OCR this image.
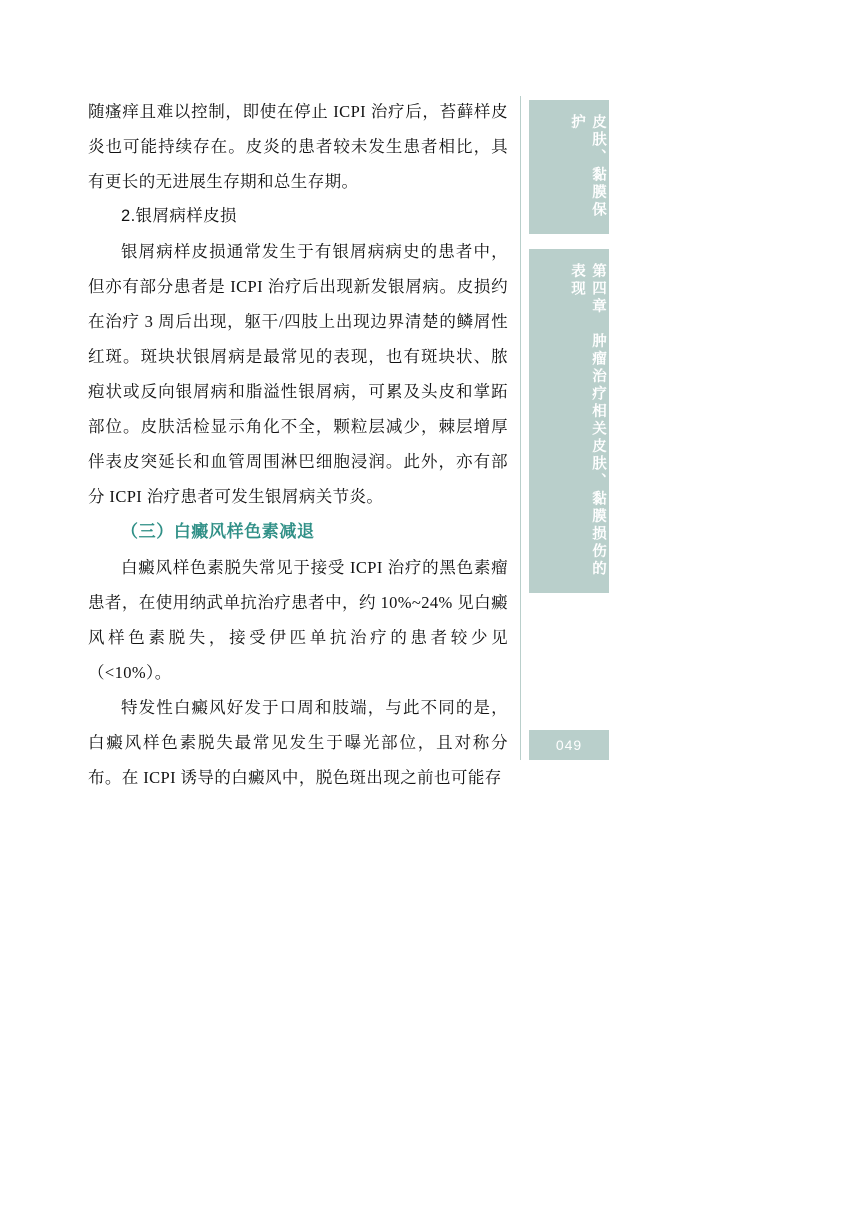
随瘙痒且难以控制，即使在停止 ICPI 治疗后，苔藓样皮炎也可能持续存在。皮炎的患者较未发生患者相比，具有更长的无进展生存期和总生存期。

2.银屑病样皮损

银屑病样皮损通常发生于有银屑病病史的患者中，但亦有部分患者是 ICPI 治疗后出现新发银屑病。皮损约在治疗 3 周后出现，躯干/四肢上出现边界清楚的鳞屑性红斑。斑块状银屑病是最常见的表现，也有斑块状、脓疱状或反向银屑病和脂溢性银屑病，可累及头皮和掌跖部位。皮肤活检显示角化不全，颗粒层减少，棘层增厚伴表皮突延长和血管周围淋巴细胞浸润。此外，亦有部分 ICPI 治疗患者可发生银屑病关节炎。

（三）白癜风样色素减退

白癜风样色素脱失常见于接受 ICPI 治疗的黑色素瘤患者，在使用纳武单抗治疗患者中，约 10%~24% 见白癜风样色素脱失，接受伊匹单抗治疗的患者较少见（<10%）。

特发性白癜风好发于口周和肢端，与此不同的是，白癜风样色素脱失最常见发生于曝光部位，且对称分布。在 ICPI 诱导的白癜风中，脱色斑出现之前也可能存

皮肤、黏膜保护
第四章　肿瘤治疗相关皮肤、黏膜损伤的表现
049
